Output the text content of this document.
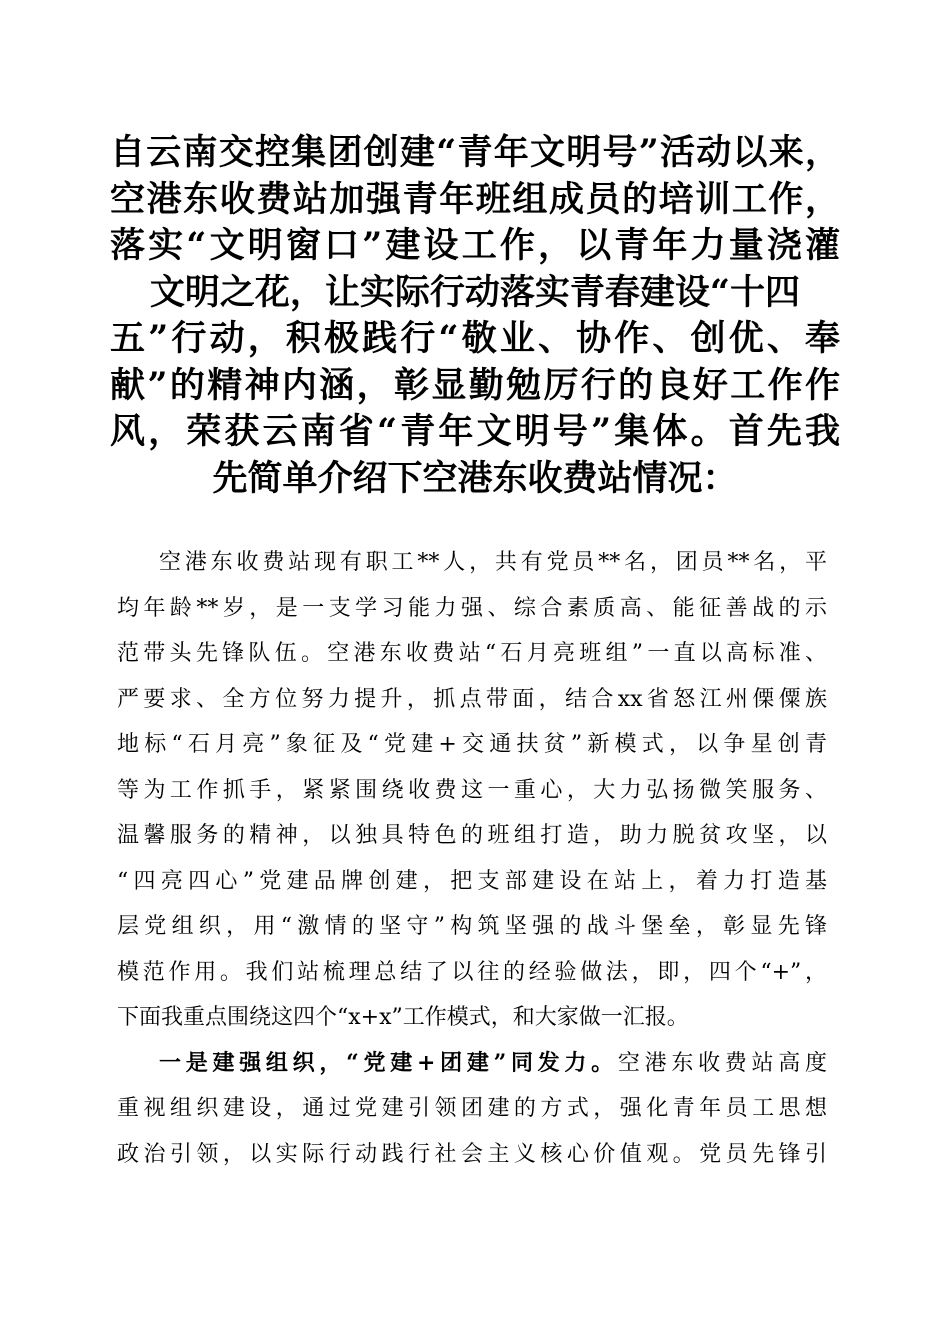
自云南交控集团创建“青年文明号”活动以来，
空港东收费站加强青年班组成员的培训工作，
落实“文明窗口”建设工作，以青年力量浇灌
文明之花，让实际行动落实青春建设“十四
五”行动，积极践行“敬业、协作、创优、奉
献”的精神内涵，彰显勤勉厉行的良好工作作
风，荣获云南省“青年文明号”集体。首先我
先简单介绍下空港东收费站情况：
空港东收费站现有职工**人，共有党员**名，团员**名，平
均年龄**岁，是一支学习能力强、综合素质高、能征善战的示
范带头先锋队伍。空港东收费站“石月亮班组”一直以高标准、
严要求、全方位努力提升，抓点带面，结合xx省怒江州傈僳族
地标“石月亮”象征及“党建+交通扶贫”新模式，以争星创青
等为工作抓手，紧紧围绕收费这一重心，大力弘扬微笑服务、
温馨服务的精神，以独具特色的班组打造，助力脱贫攻坚，以
“四亮四心”党建品牌创建，把支部建设在站上，着力打造基
层党组织，用“激情的坚守”构筑坚强的战斗堡垒，彰显先锋
模范作用。我们站梳理总结了以往的经验做法，即，四个“+”，
下面我重点围绕这四个“x+x”工作模式，和大家做一汇报。
一是建强组织，“党建+团建”同发力。空港东收费站高度
重视组织建设，通过党建引领团建的方式，强化青年员工思想
政治引领，以实际行动践行社会主义核心价值观。党员先锋引
